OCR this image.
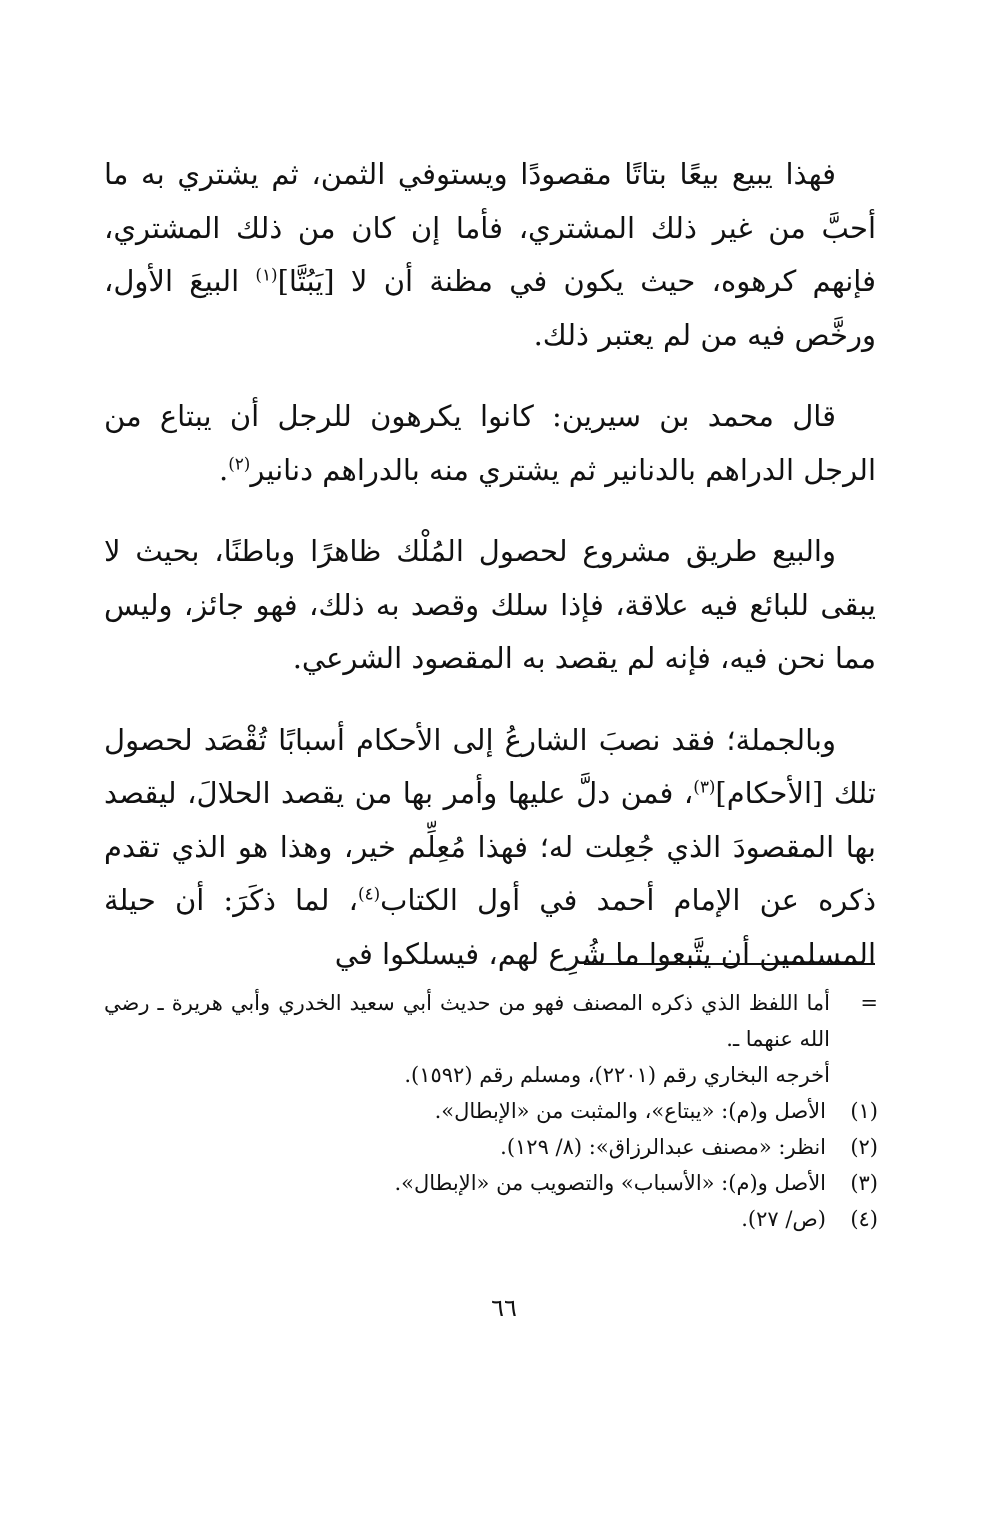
فهذا يبيع بيعًا بتاتًا مقصودًا ويستوفي الثمن، ثم يشتري به ما أحبَّ من غير ذلك المشتري، فأما إن كان من ذلك المشتري، فإنهم كرهوه، حيث يكون في مظنة أن لا [يَبُتَّا]$^{(١)}$ البيعَ الأول، ورخَّص فيه من لم يعتبر ذلك.

قال محمد بن سيرين: كانوا يكرهون للرجل أن يبتاع من الرجل الدراهم بالدنانير ثم يشتري منه بالدراهم دنانير$^{(٢)}$.

والبيع طريق مشروع لحصول المُلْك ظاهرًا وباطنًا، بحيث لا يبقى للبائع فيه علاقة، فإذا سلك وقصد به ذلك، فهو جائز، وليس مما نحن فيه، فإنه لم يقصد به المقصود الشرعي.

وبالجملة؛ فقد نصبَ الشارعُ إلى الأحكام أسبابًا تُقْصَد لحصول تلك [الأحكام]$^{(٣)}$، فمن دلَّ عليها وأمر بها من يقصد الحلالَ، ليقصد بها المقصودَ الذي جُعِلت له؛ فهذا مُعِلِّم خير، وهذا هو الذي تقدم ذكره عن الإمام أحمد في أول الكتاب$^{(٤)}$، لما ذكَرَ: أن حيلة المسلمين أن يتَّبعوا ما شُرِع لهم، فيسلكوا في

=
أما اللفظ الذي ذكره المصنف فهو من حديث أبي سعيد الخدري وأبي هريرة ـ رضي الله عنهما ـ.

أخرجه البخاري رقم (٢٢٠١)، ومسلم رقم (١٥٩٢).

(١)
الأصل و(م): «يبتاع»، والمثبت من «الإبطال».

(٢)
انظر: «مصنف عبدالرزاق»: (٨/ ١٢٩).

(٣)
الأصل و(م): «الأسباب» والتصويب من «الإبطال».

(٤)
(ص/ ٢٧).

٦٦
